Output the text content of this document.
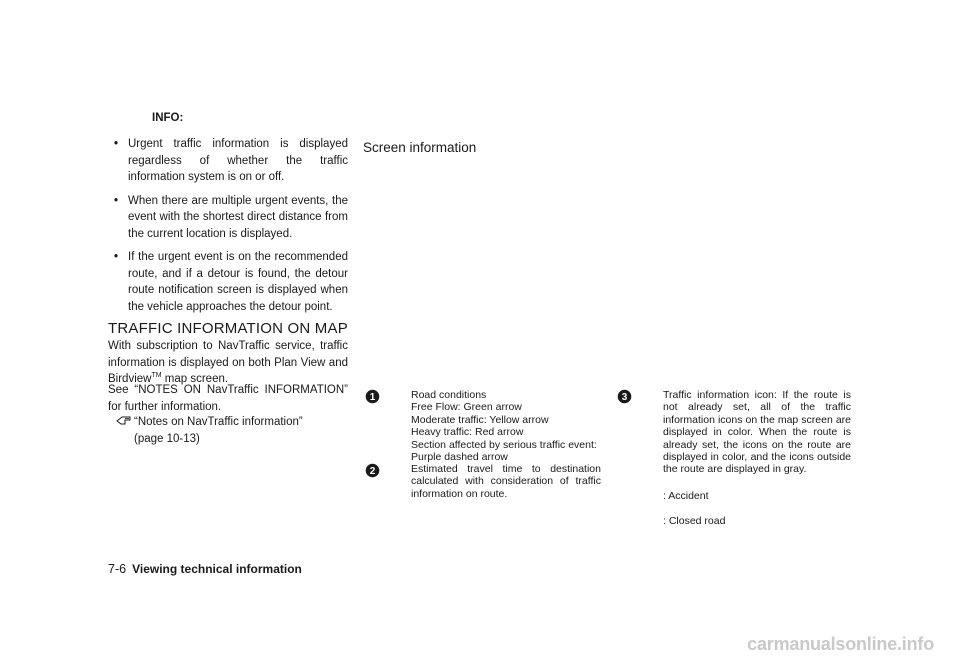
INFO:
• Urgent traffic information is displayed regardless of whether the traffic information system is on or off.
• When there are multiple urgent events, the event with the shortest direct distance from the current location is displayed.
• If the urgent event is on the recommended route, and if a detour is found, the detour route notification screen is displayed when the vehicle approaches the detour point.
TRAFFIC INFORMATION ON MAP
With subscription to NavTraffic service, traffic information is displayed on both Plan View and Birdview™ map screen.
See “NOTES ON NavTraffic INFORMATION” for further information.
“Notes on NavTraffic information”
(page 10-13)
Screen information
1	Road conditions
Free Flow: Green arrow
Moderate traffic: Yellow arrow
Heavy traffic: Red arrow
Section affected by serious traffic event:
Purple dashed arrow
2	Estimated travel time to destination calculated with consideration of traffic information on route.
3	Traffic information icon: If the route is not already set, all of the traffic information icons on the map screen are displayed in color. When the route is already set, the icons on the route are displayed in color, and the icons outside the route are displayed in gray.
: Accident
: Closed road
7-6 Viewing technical information
carmanualsonline.info
